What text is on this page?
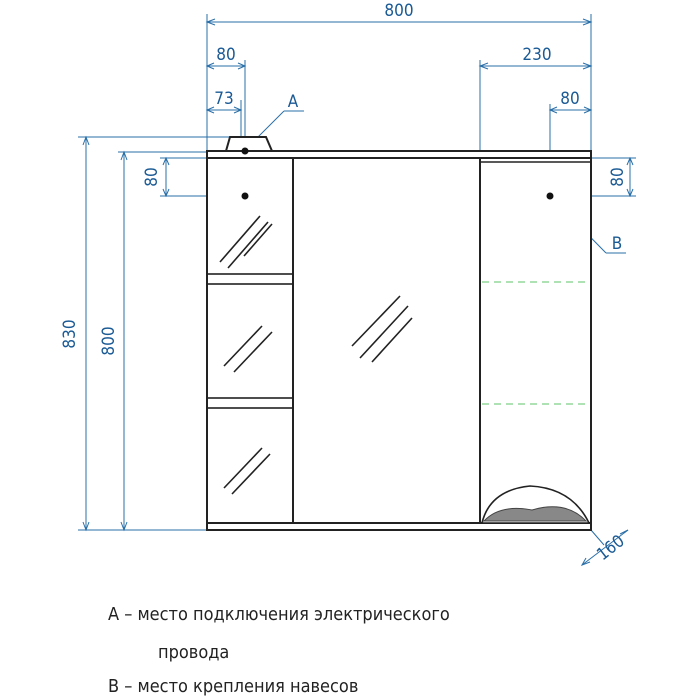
800
80
73	A
230
80
830 800
80	80
B
160
А – место подключения электрического
провода
В – место крепления навесов
